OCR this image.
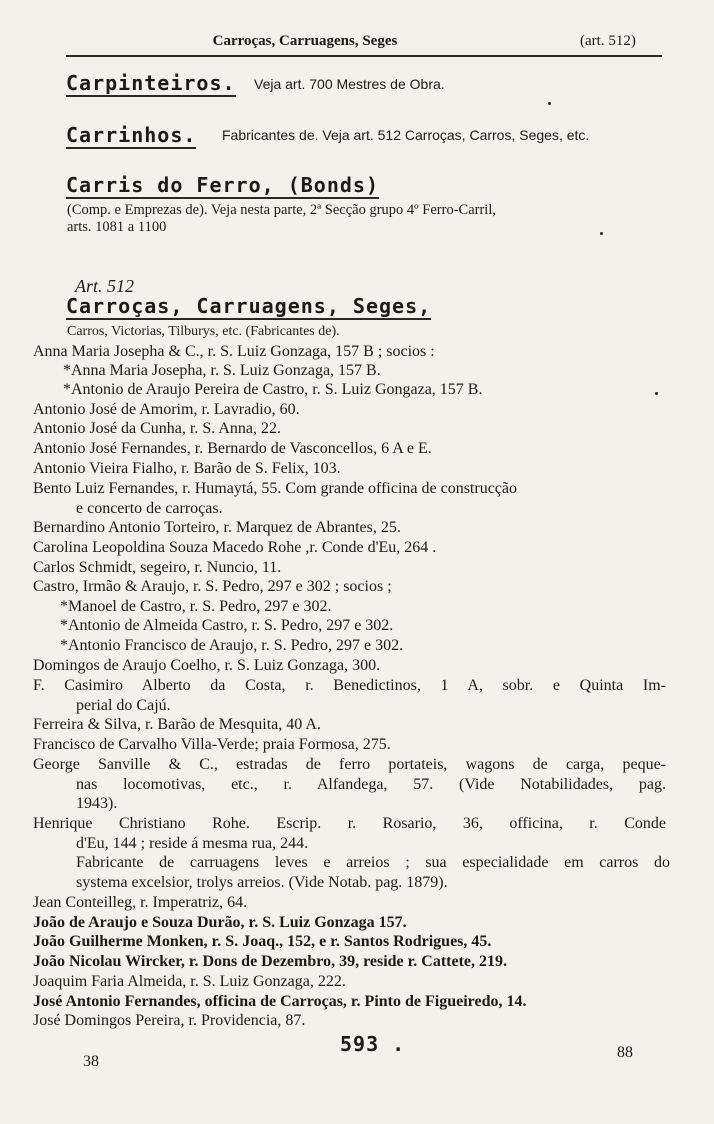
Carroças, Carruagens, Seges	(art. 512)
Carpinteiros. Veja art. 700 Mestres de Obra.
Carrinhos. Fabricantes de. Veja art. 512 Carroças, Carros, Seges, etc.
Carris do Ferro, (Bonds)
(Comp. e Emprezas de). Veja nesta parte, 2ª Secção grupo 4º Ferro-Carril,
arts. 1081 a 1100
Art. 512
Carroças, Carruagens, Seges,
Carros, Victorias, Tilburys, etc. (Fabricantes de).
Anna Maria Josepha & C., r. S. Luiz Gonzaga, 157 B ; socios :
*Anna Maria Josepha, r. S. Luiz Gonzaga, 157 B.
*Antonio de Araujo Pereira de Castro, r. S. Luiz Gongaza, 157 B.
Antonio José de Amorim, r. Lavradio, 60.
Antonio José da Cunha, r. S. Anna, 22.
Antonio José Fernandes, r. Bernardo de Vasconcellos, 6 A e E.
Antonio Vieira Fialho, r. Barão de S. Felix, 103.
Bento Luiz Fernandes, r. Humaytá, 55. Com grande officina de construcção
e concerto de carroças.
Bernardino Antonio Torteiro, r. Marquez de Abrantes, 25.
Carolina Leopoldina Souza Macedo Rohe ,r. Conde d'Eu, 264 .
Carlos Schmidt, segeiro, r. Nuncio, 11.
Castro, Irmão & Araujo, r. S. Pedro, 297 e 302 ; socios ;
*Manoel de Castro, r. S. Pedro, 297 e 302.
*Antonio de Almeida Castro, r. S. Pedro, 297 e 302.
*Antonio Francisco de Araujo, r. S. Pedro, 297 e 302.
Domingos de Araujo Coelho, r. S. Luiz Gonzaga, 300.
F. Casimiro Alberto da Costa, r. Benedictinos, 1 A, sobr. e Quinta Im-
perial do Cajú.
Ferreira & Silva, r. Barão de Mesquita, 40 A.
Francisco de Carvalho Villa-Verde; praia Formosa, 275.
George Sanville & C., estradas de ferro portateis, wagons de carga, peque-
nas locomotivas, etc., r. Alfandega, 57. (Vide Notabilidades, pag.
1943).
Henrique Christiano Rohe. Escrip. r. Rosario, 36, officina, r. Conde
d'Eu, 144 ; reside á mesma rua, 244.
Fabricante de carruagens leves e arreios ; sua especialidade em carros do
systema excelsior, trolys arreios. (Vide Notab. pag. 1879).
Jean Conteilleg, r. Imperatriz, 64.
João de Araujo e Souza Durão, r. S. Luiz Gonzaga 157.
João Guilherme Monken, r. S. Joaq., 152, e r. Santos Rodrigues, 45.
João Nicolau Wircker, r. Dons de Dezembro, 39, reside r. Cattete, 219.
Joaquim Faria Almeida, r. S. Luiz Gonzaga, 222.
José Antonio Fernandes, officina de Carroças, r. Pinto de Figueiredo, 14.
José Domingos Pereira, r. Providencia, 87.
593 .
38
88
